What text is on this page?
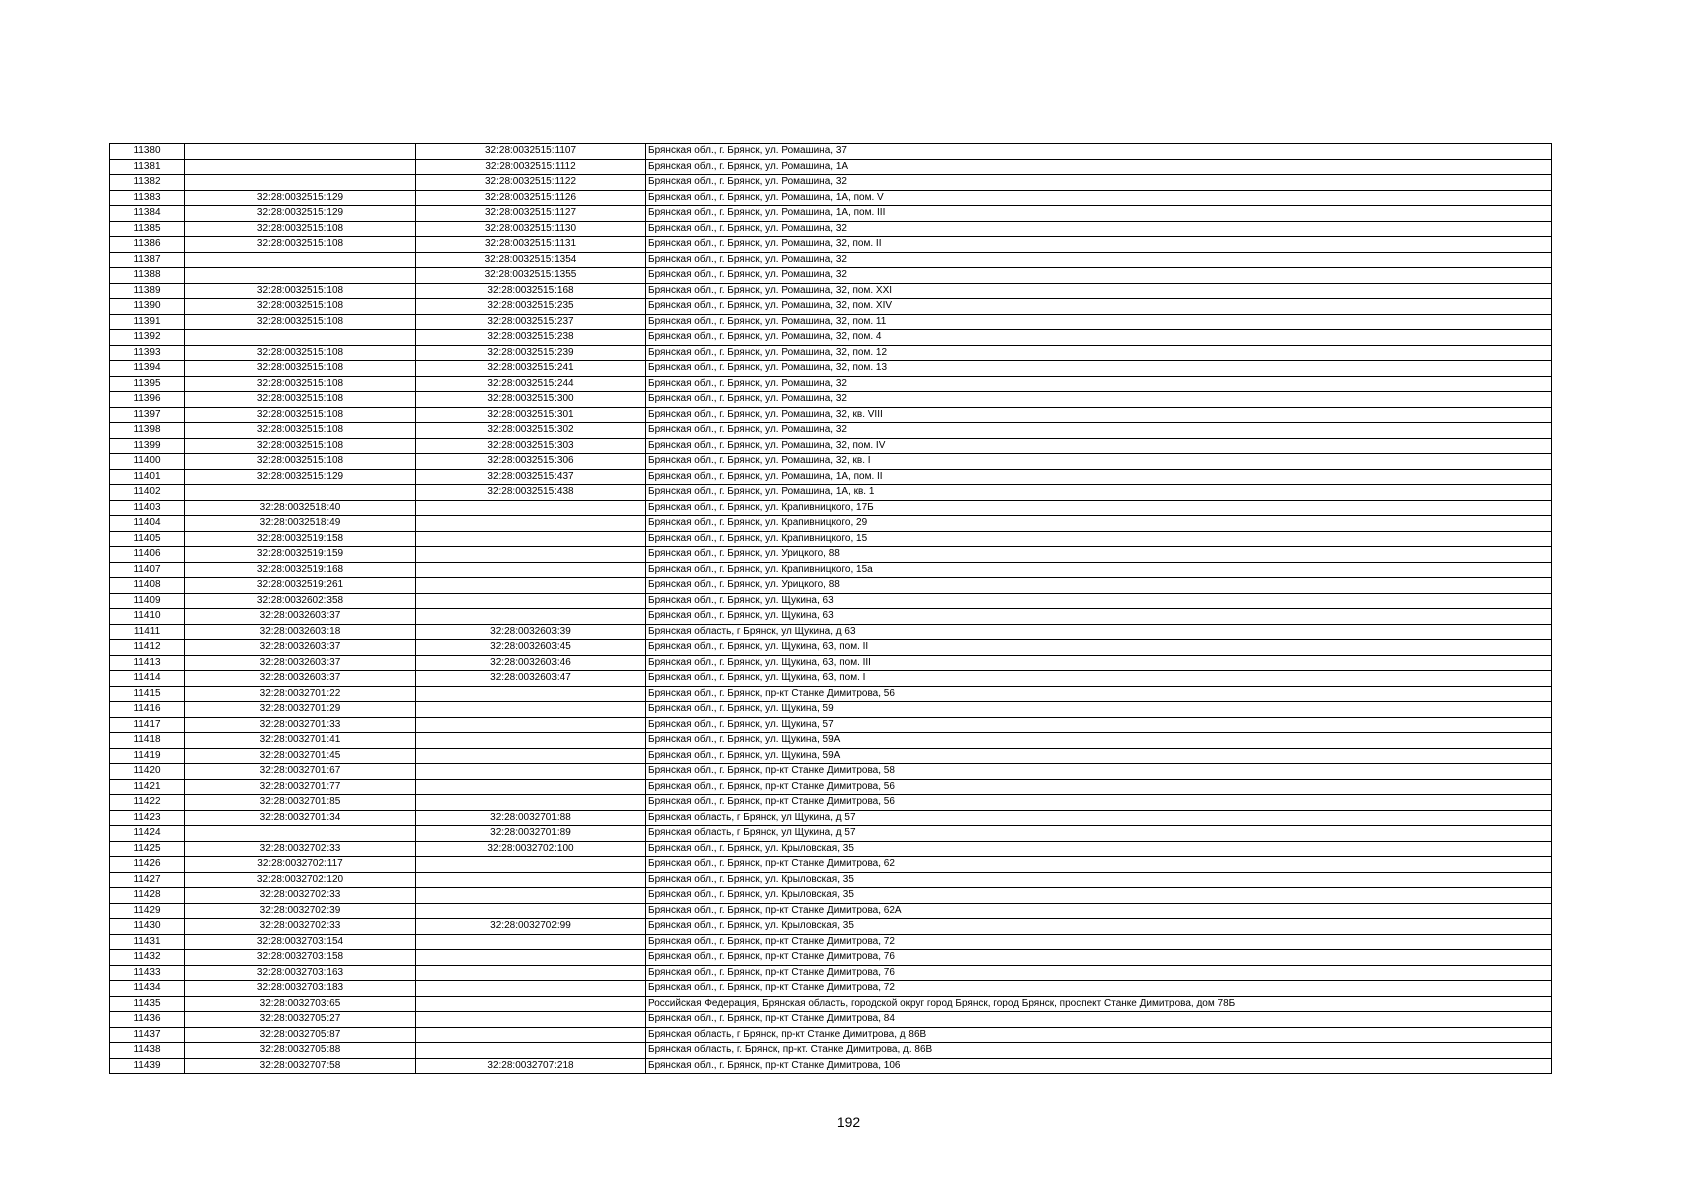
11380		32:28:0032515:1107	Брянская обл., г. Брянск, ул. Ромашина, 37
11381		32:28:0032515:1112	Брянская обл., г. Брянск, ул. Ромашина, 1А
11382		32:28:0032515:1122	Брянская обл., г. Брянск, ул. Ромашина, 32
11383	32:28:0032515:129	32:28:0032515:1126	Брянская обл., г. Брянск, ул. Ромашина, 1А, пом. V
11384	32:28:0032515:129	32:28:0032515:1127	Брянская обл., г. Брянск, ул. Ромашина, 1А, пом. III
11385	32:28:0032515:108	32:28:0032515:1130	Брянская обл., г. Брянск, ул. Ромашина, 32
11386	32:28:0032515:108	32:28:0032515:1131	Брянская обл., г. Брянск, ул. Ромашина, 32, пом. II
11387		32:28:0032515:1354	Брянская обл., г. Брянск, ул. Ромашина, 32
11388		32:28:0032515:1355	Брянская обл., г. Брянск, ул. Ромашина, 32
11389	32:28:0032515:108	32:28:0032515:168	Брянская обл., г. Брянск, ул. Ромашина, 32, пом. XXI
11390	32:28:0032515:108	32:28:0032515:235	Брянская обл., г. Брянск, ул. Ромашина, 32, пом. XIV
11391	32:28:0032515:108	32:28:0032515:237	Брянская обл., г. Брянск, ул. Ромашина, 32, пом. 11
11392		32:28:0032515:238	Брянская обл., г. Брянск, ул. Ромашина, 32, пом. 4
11393	32:28:0032515:108	32:28:0032515:239	Брянская обл., г. Брянск, ул. Ромашина, 32, пом. 12
11394	32:28:0032515:108	32:28:0032515:241	Брянская обл., г. Брянск, ул. Ромашина, 32, пом. 13
11395	32:28:0032515:108	32:28:0032515:244	Брянская обл., г. Брянск, ул. Ромашина, 32
11396	32:28:0032515:108	32:28:0032515:300	Брянская обл., г. Брянск, ул. Ромашина, 32
11397	32:28:0032515:108	32:28:0032515:301	Брянская обл., г. Брянск, ул. Ромашина, 32, кв. VIII
11398	32:28:0032515:108	32:28:0032515:302	Брянская обл., г. Брянск, ул. Ромашина, 32
11399	32:28:0032515:108	32:28:0032515:303	Брянская обл., г. Брянск, ул. Ромашина, 32, пом. IV
11400	32:28:0032515:108	32:28:0032515:306	Брянская обл., г. Брянск, ул. Ромашина, 32, кв. I
11401	32:28:0032515:129	32:28:0032515:437	Брянская обл., г. Брянск, ул. Ромашина, 1А, пом. II
11402		32:28:0032515:438	Брянская обл., г. Брянск, ул. Ромашина, 1А, кв. 1
11403	32:28:0032518:40		Брянская обл., г. Брянск, ул. Крапивницкого, 17Б
11404	32:28:0032518:49		Брянская обл., г. Брянск, ул. Крапивницкого, 29
11405	32:28:0032519:158		Брянская обл., г. Брянск, ул. Крапивницкого, 15
11406	32:28:0032519:159		Брянская обл., г. Брянск, ул. Урицкого, 88
11407	32:28:0032519:168		Брянская обл., г. Брянск, ул. Крапивницкого, 15а
11408	32:28:0032519:261		Брянская обл., г. Брянск, ул. Урицкого, 88
11409	32:28:0032602:358		Брянская обл., г. Брянск, ул. Щукина, 63
11410	32:28:0032603:37		Брянская обл., г. Брянск, ул. Щукина, 63
11411	32:28:0032603:18	32:28:0032603:39	Брянская область, г Брянск, ул Щукина, д 63
11412	32:28:0032603:37	32:28:0032603:45	Брянская обл., г. Брянск, ул. Щукина, 63, пом. II
11413	32:28:0032603:37	32:28:0032603:46	Брянская обл., г. Брянск, ул. Щукина, 63, пом. III
11414	32:28:0032603:37	32:28:0032603:47	Брянская обл., г. Брянск, ул. Щукина, 63, пом. I
11415	32:28:0032701:22		Брянская обл., г. Брянск, пр-кт Станке Димитрова, 56
11416	32:28:0032701:29		Брянская обл., г. Брянск, ул. Щукина, 59
11417	32:28:0032701:33		Брянская обл., г. Брянск, ул. Щукина, 57
11418	32:28:0032701:41		Брянская обл., г. Брянск, ул. Щукина, 59А
11419	32:28:0032701:45		Брянская обл., г. Брянск, ул. Щукина, 59А
11420	32:28:0032701:67		Брянская обл., г. Брянск, пр-кт Станке Димитрова, 58
11421	32:28:0032701:77		Брянская обл., г. Брянск, пр-кт Станке Димитрова, 56
11422	32:28:0032701:85		Брянская обл., г. Брянск, пр-кт Станке Димитрова, 56
11423	32:28:0032701:34	32:28:0032701:88	Брянская область, г Брянск, ул Щукина, д 57
11424		32:28:0032701:89	Брянская область, г Брянск, ул Щукина, д 57
11425	32:28:0032702:33	32:28:0032702:100	Брянская обл., г. Брянск, ул. Крыловская, 35
11426	32:28:0032702:117		Брянская обл., г. Брянск, пр-кт Станке Димитрова, 62
11427	32:28:0032702:120		Брянская обл., г. Брянск, ул. Крыловская, 35
11428	32:28:0032702:33		Брянская обл., г. Брянск, ул. Крыловская, 35
11429	32:28:0032702:39		Брянская обл., г. Брянск, пр-кт Станке Димитрова, 62А
11430	32:28:0032702:33	32:28:0032702:99	Брянская обл., г. Брянск, ул. Крыловская, 35
11431	32:28:0032703:154		Брянская обл., г. Брянск, пр-кт Станке Димитрова, 72
11432	32:28:0032703:158		Брянская обл., г. Брянск, пр-кт Станке Димитрова, 76
11433	32:28:0032703:163		Брянская обл., г. Брянск, пр-кт Станке Димитрова, 76
11434	32:28:0032703:183		Брянская обл., г. Брянск, пр-кт Станке Димитрова, 72
11435	32:28:0032703:65		Российская Федерация, Брянская область, городской округ город Брянск, город Брянск, проспект Станке Димитрова, дом 78Б
11436	32:28:0032705:27		Брянская обл., г. Брянск, пр-кт Станке Димитрова, 84
11437	32:28:0032705:87		Брянская область, г Брянск, пр-кт Станке Димитрова, д 86В
11438	32:28:0032705:88		Брянская область, г. Брянск, пр-кт. Станке Димитрова, д. 86В
11439	32:28:0032707:58	32:28:0032707:218	Брянская обл., г. Брянск, пр-кт Станке Димитрова, 106
192
